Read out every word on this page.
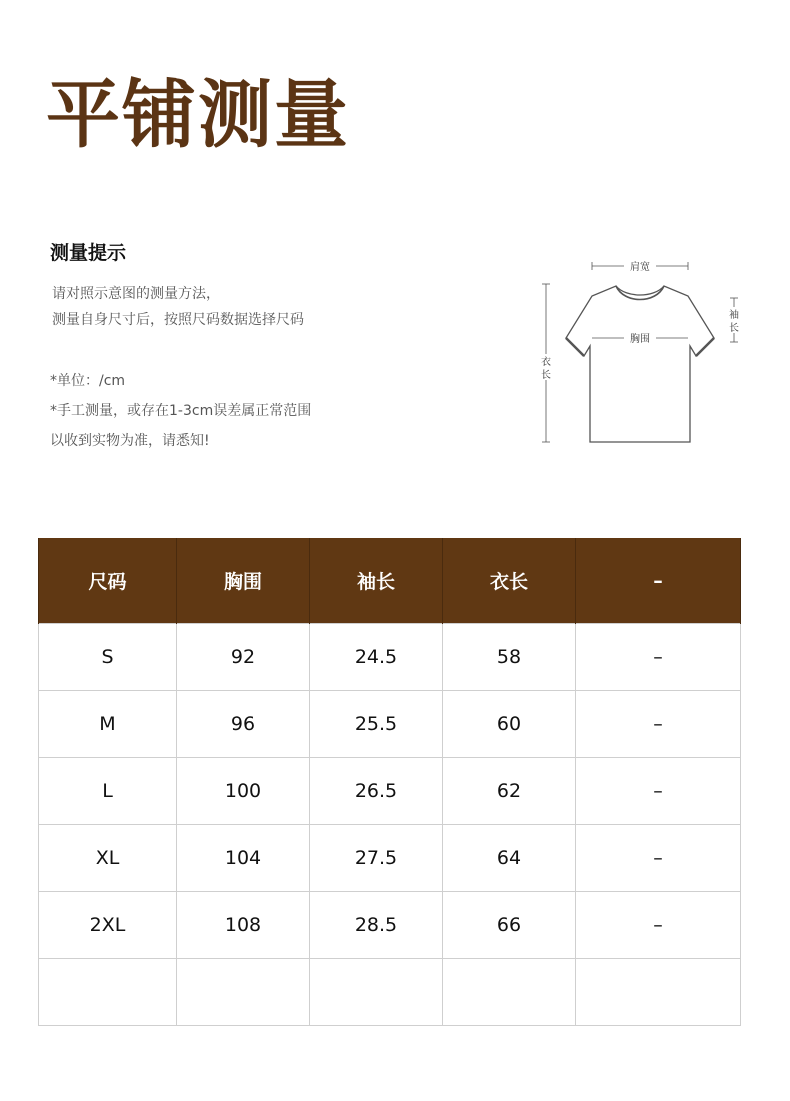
平铺测量
测量提示
请对照示意图的测量方法，
测量自身尺寸后，按照尺码数据选择尺码
*单位：/cm
*手工测量，或存在1-3cm误差属正常范围
以收到实物为准，请悉知!
肩宽
胸围
袖
长
衣
长
尺码	胸围	袖长	衣长	–
S	92	24.5	58	–
M	96	25.5	60	–
L	100	26.5	62	–
XL	104	27.5	64	–
2XL	108	28.5	66	–
